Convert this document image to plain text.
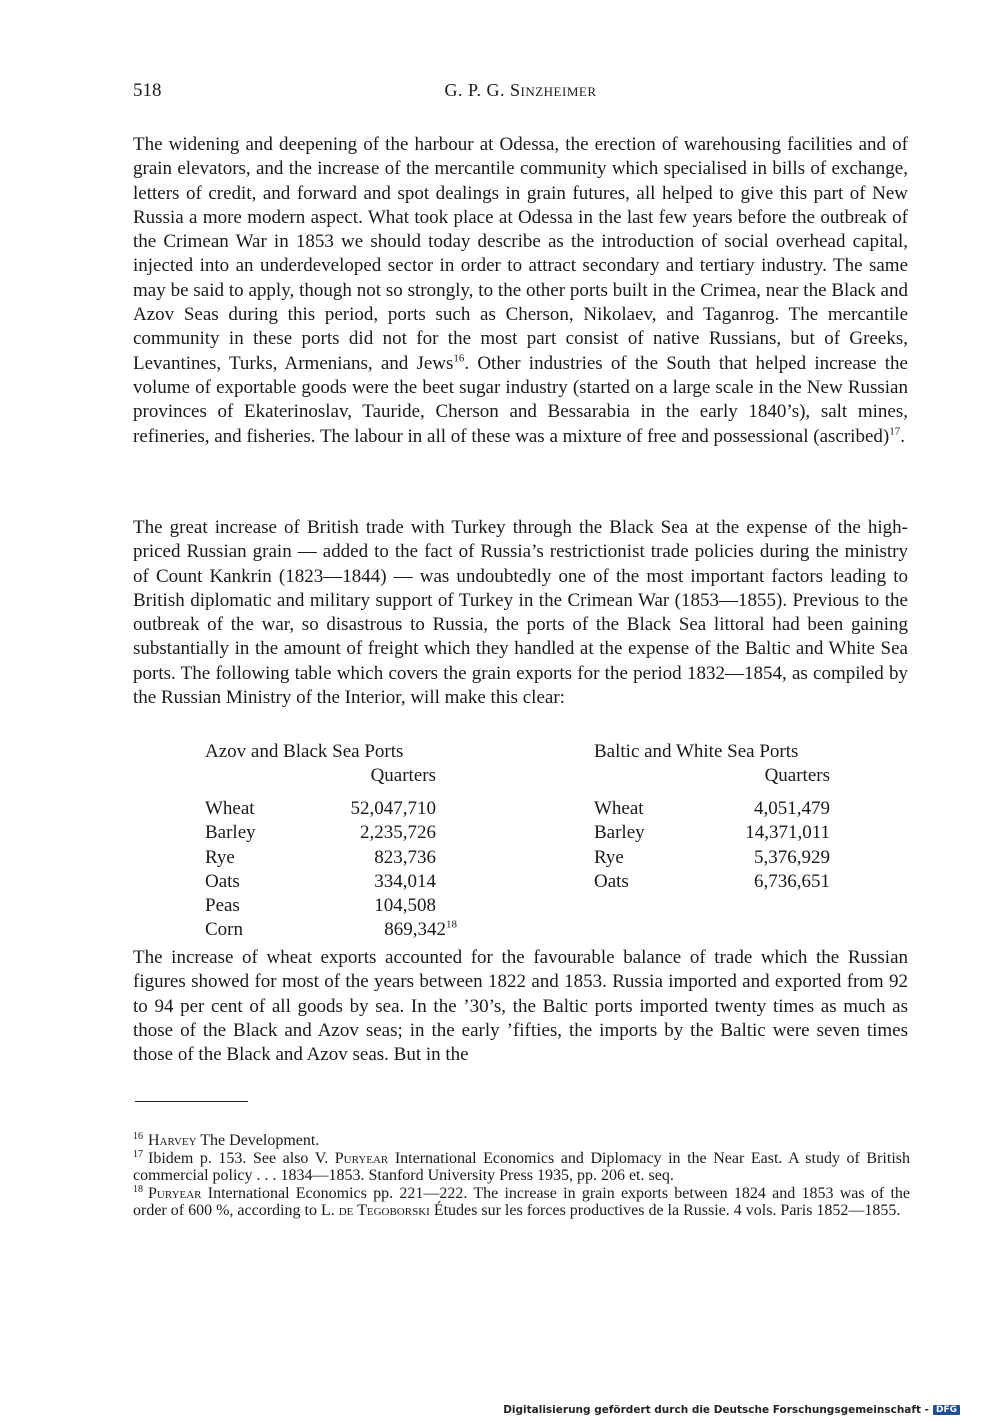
518	G. P. G. Sinzheimer

The widening and deepening of the harbour at Odessa, the erection of warehousing facilities and of grain elevators, and the increase of the mercantile community which specialised in bills of exchange, letters of credit, and forward and spot dealings in grain futures, all helped to give this part of New Russia a more modern aspect. What took place at Odessa in the last few years before the outbreak of the Crimean War in 1853 we should today describe as the introduction of social overhead capital, injected into an underdeveloped sector in order to attract secondary and tertiary industry. The same may be said to apply, though not so strongly, to the other ports built in the Crimea, near the Black and Azov Seas during this period, ports such as Cherson, Nikolaev, and Taganrog. The mercantile community in these ports did not for the most part consist of native Russians, but of Greeks, Levantines, Turks, Armenians, and Jews$^{16}$. Other industries of the South that helped increase the volume of exportable goods were the beet sugar industry (started on a large scale in the New Russian provinces of Ekaterinoslav, Tauride, Cherson and Bessarabia in the early 1840’s), salt mines, refineries, and fisheries. The labour in all of these was a mixture of free and possessional (ascribed)$^{17}$.

The great increase of British trade with Turkey through the Black Sea at the expense of the high-priced Russian grain — added to the fact of Russia’s restrictionist trade policies during the ministry of Count Kankrin (1823—1844) — was undoubtedly one of the most important factors leading to British diplomatic and military support of Turkey in the Crimean War (1853—1855). Previous to the outbreak of the war, so disastrous to Russia, the ports of the Black Sea littoral had been gaining substantially in the amount of freight which they handled at the expense of the Baltic and White Sea ports. The following table which covers the grain exports for the period 1832—1854, as compiled by the Russian Ministry of the Interior, will make this clear:

Azov and Black Sea Ports
Quarters
Wheat	52,047,710
Barley	2,235,726
Rye	823,736
Oats	334,014
Peas	104,508
Corn	869,342$^{18}$
Baltic and White Sea Ports
Quarters
Wheat	4,051,479
Barley	14,371,011
Rye	5,376,929
Oats	6,736,651

The increase of wheat exports accounted for the favourable balance of trade which the Russian figures showed for most of the years between 1822 and 1853. Russia imported and exported from 92 to 94 per cent of all goods by sea. In the ’30’s, the Baltic ports imported twenty times as much as those of the Black and Azov seas; in the early ’fifties, the imports by the Baltic were seven times those of the Black and Azov seas. But in the

$^{16}$ Harvey The Development.

$^{17}$ Ibidem p. 153. See also V. Puryear International Economics and Diplomacy in the Near East. A study of British commercial policy . . . 1834—1853. Stanford University Press 1935, pp. 206 et. seq.

$^{18}$ Puryear International Economics pp. 221—222. The increase in grain exports between 1824 and 1853 was of the order of 600 %, according to L. de Tegoborski Études sur les forces productives de la Russie. 4 vols. Paris 1852—1855.

Digitalisierung gefördert durch die Deutsche Forschungsgemeinschaft - DFG
